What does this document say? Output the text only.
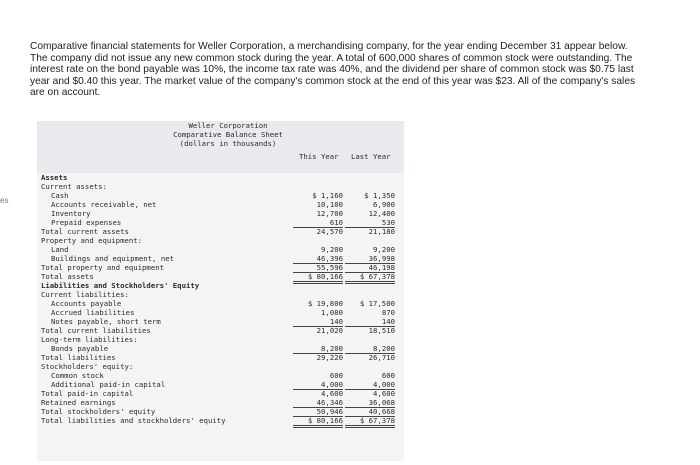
es
Comparative financial statements for Weller Corporation, a merchandising company, for the year ending December 31 appear below.
The company did not issue any new common stock during the year. A total of 600,000 shares of common stock were outstanding. The
interest rate on the bond payable was 10%, the income tax rate was 40%, and the dividend per share of common stock was $0.75 last
year and $0.40 this year. The market value of the company's common stock at the end of this year was $23. All of the company's sales
are on account.
Weller Corporation
Comparative Balance Sheet
(dollars in thousands)
This Year Last Year
Assets
Current assets:
Cash	$ 1,160	$ 1,350
Accounts receivable, net	10,100	6,900
Inventory	12,700	12,400
Prepaid expenses	610	530
Total current assets	24,570	21,180
Property and equipment:
Land	9,200	9,200
Buildings and equipment, net	46,396	36,998
Total property and equipment	55,596	46,198
Total assets	$ 80,166	$ 67,378
Liabilities and Stockholders' Equity
Current liabilities:
Accounts payable	$ 19,800	$ 17,500
Accrued liabilities	1,080	870
Notes payable, short term	140	140
Total current liabilities	21,020	18,510
Long-term liabilities:
Bonds payable	8,200	8,200
Total liabilities	29,220	26,710
Stockholders' equity:
Common stock	600	600
Additional paid-in capital	4,000	4,000
Total paid-in capital	4,600	4,600
Retained earnings	46,346	36,068
Total stockholders' equity	50,946	40,668
Total liabilities and stockholders' equity	$ 80,166	$ 67,378
